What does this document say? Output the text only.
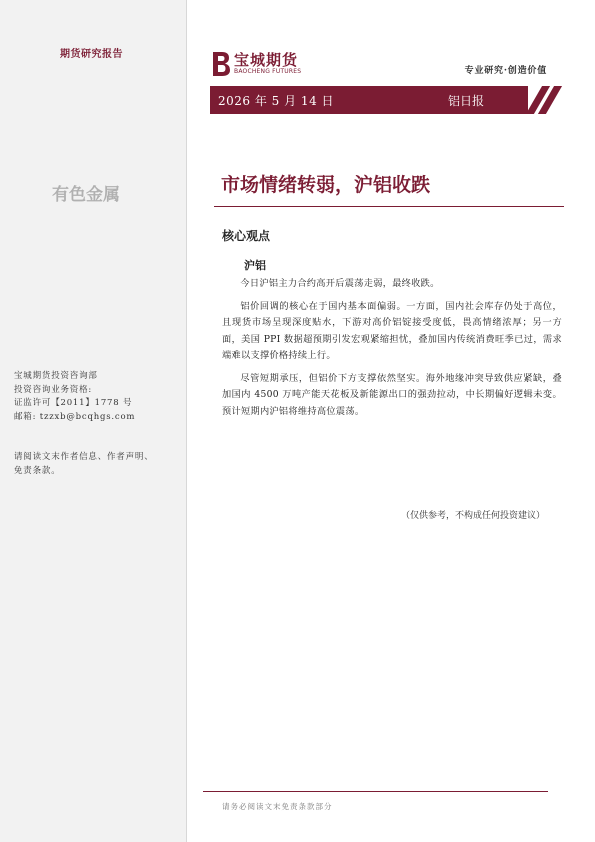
期货研究报告
有色金属
宝城期货投资咨询部
投资咨询业务资格:
证监许可【2011】1778 号
邮箱: tzzxb@bcqhgs.com
请阅读文末作者信息、作者声明、
免责条款。
宝城期货
BAOCHENG FUTURES	专业研究·创造价值
2026 年 5 月 14 日	铝日报
市场情绪转弱，沪铝收跌
核心观点
沪铝

今日沪铝主力合约高开后震荡走弱，最终收跌。

铝价回调的核心在于国内基本面偏弱。一方面，国内社会库存仍处于高位，且现货市场呈现深度贴水，下游对高价铝锭接受度低，畏高情绪浓厚；另一方面，美国 PPI 数据超预期引发宏观紧缩担忧，叠加国内传统消费旺季已过，需求端难以支撑价格持续上行。

尽管短期承压，但铝价下方支撑依然坚实。海外地缘冲突导致供应紧缺，叠加国内 4500 万吨产能天花板及新能源出口的强劲拉动，中长期偏好逻辑未变。预计短期内沪铝将维持高位震荡。

（仅供参考，不构成任何投资建议）
请务必阅读文末免责条款部分
